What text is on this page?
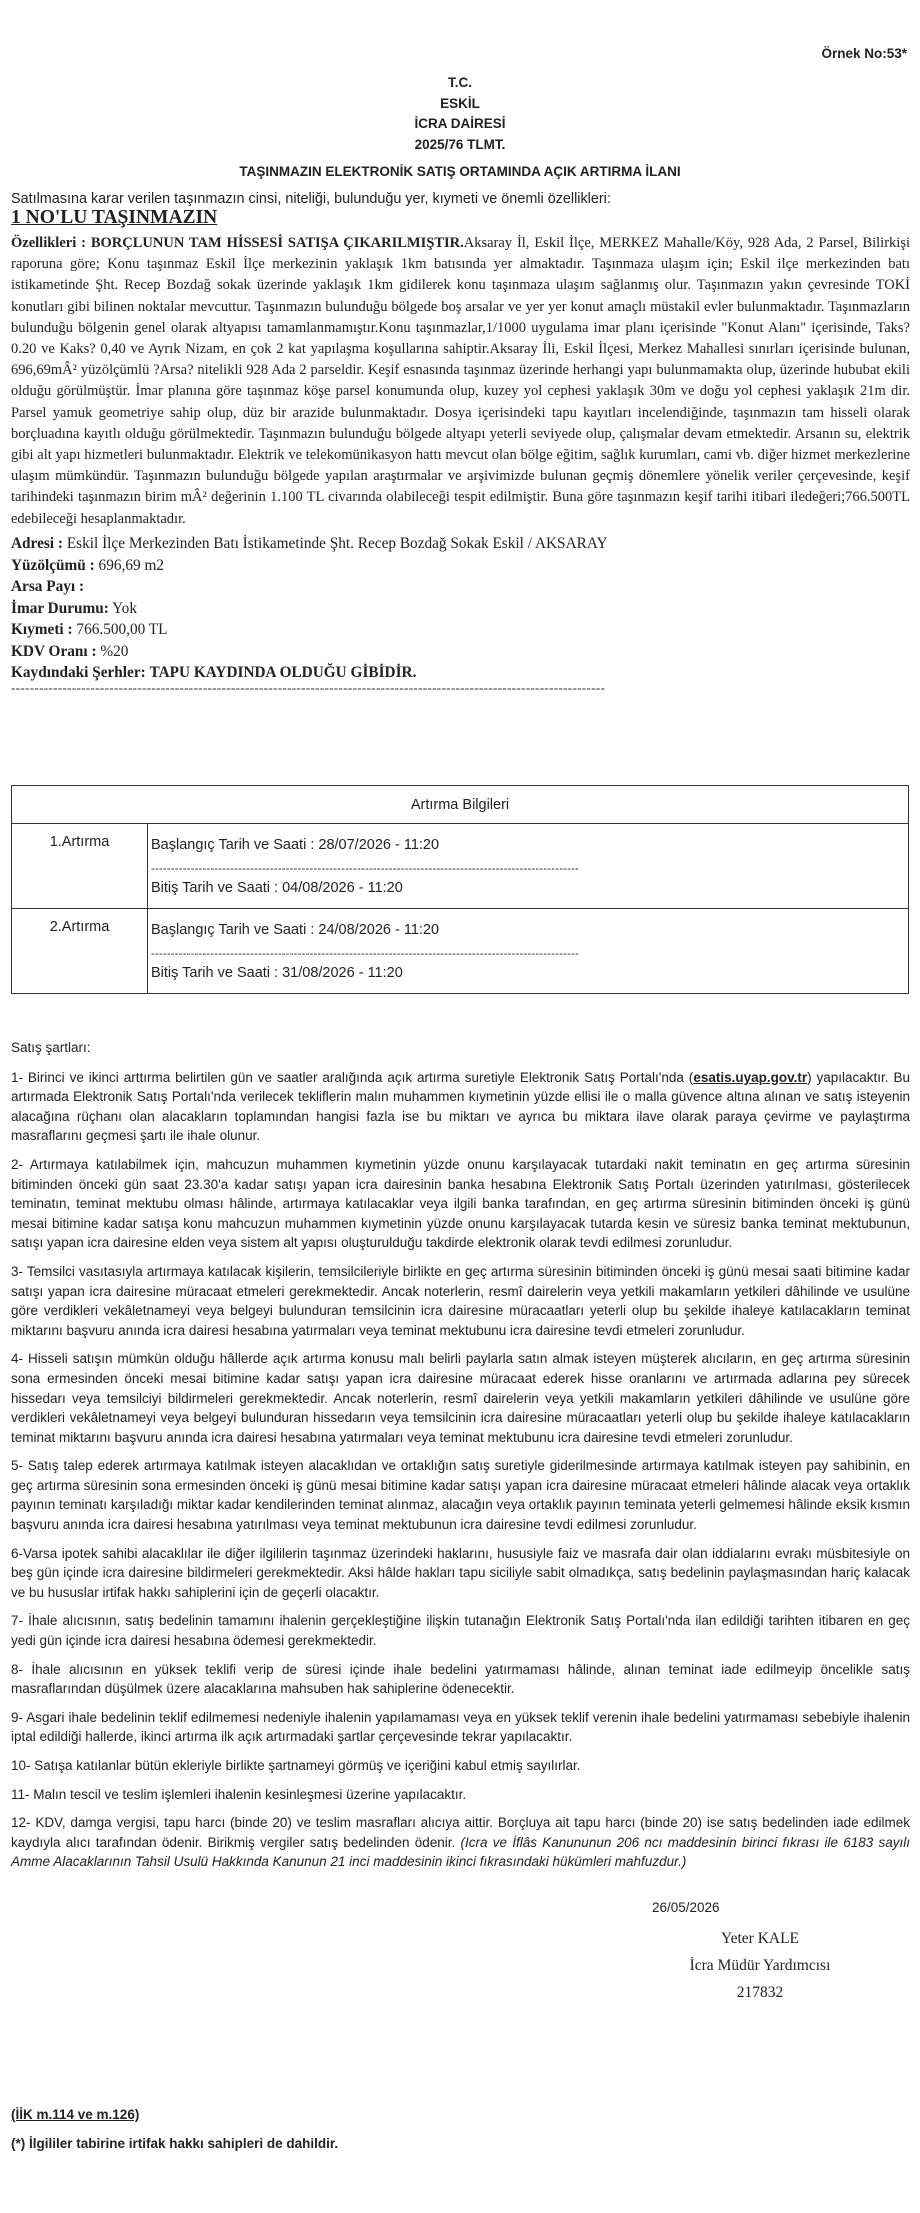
Örnek No:53*
T.C.
ESKİL
İCRA DAİRESİ
2025/76 TLMT.
TAŞINMAZIN ELEKTRONİK SATIŞ ORTAMINDA AÇIK ARTIRMA İLANI
Satılmasına karar verilen taşınmazın cinsi, niteliği, bulunduğu yer, kıymeti ve önemli özellikleri:
1 NO'LU TAŞINMAZIN
Özellikleri : BORÇLUNUN TAM HİSSESİ SATIŞA ÇIKARILMIŞTIR.Aksaray İl, Eskil İlçe, MERKEZ Mahalle/Köy, 928 Ada, 2 Parsel, Bilirkişi raporuna göre; Konu taşınmaz Eskil İlçe merkezinin yaklaşık 1km batısında yer almaktadır. Taşınmaza ulaşım için; Eskil ilçe merkezinden batı istikametinde Şht. Recep Bozdağ sokak üzerinde yaklaşık 1km gidilerek konu taşınmaza ulaşım sağlanmış olur. Taşınmazın yakın çevresinde TOKİ konutları gibi bilinen noktalar mevcuttur. Taşınmazın bulunduğu bölgede boş arsalar ve yer yer konut amaçlı müstakil evler bulunmaktadır. Taşınmazların bulunduğu bölgenin genel olarak altyapısı tamamlanmamıştır.Konu taşınmazlar,1/1000 uygulama imar planı içerisinde "Konut Alanı" içerisinde, Taks? 0.20 ve Kaks? 0,40 ve Ayrık Nizam, en çok 2 kat yapılaşma koşullarına sahiptir.Aksaray İli, Eskil İlçesi, Merkez Mahallesi sınırları içerisinde bulunan, 696,69mÂ² yüzölçümlü ?Arsa? nitelikli 928 Ada 2 parseldir. Keşif esnasında taşınmaz üzerinde herhangi yapı bulunmamakta olup, üzerinde hububat ekili olduğu görülmüştür. İmar planına göre taşınmaz köşe parsel konumunda olup, kuzey yol cephesi yaklaşık 30m ve doğu yol cephesi yaklaşık 21m dir. Parsel yamuk geometriye sahip olup, düz bir arazide bulunmaktadır. Dosya içerisindeki tapu kayıtları incelendiğinde, taşınmazın tam hisseli olarak borçluadına kayıtlı olduğu görülmektedir. Taşınmazın bulunduğu bölgede altyapı yeterli seviyede olup, çalışmalar devam etmektedir. Arsanın su, elektrik gibi alt yapı hizmetleri bulunmaktadır. Elektrik ve telekomünikasyon hattı mevcut olan bölge eğitim, sağlık kurumları, cami vb. diğer hizmet merkezlerine ulaşım mümkündür. Taşınmazın bulunduğu bölgede yapılan araştırmalar ve arşivimizde bulunan geçmiş dönemlere yönelik veriler çerçevesinde, keşif tarihindeki taşınmazın birim mÂ² değerinin 1.100 TL civarında olabileceği tespit edilmiştir. Buna göre taşınmazın keşif tarihi itibari iledeğeri;766.500TL edebileceği hesaplanmaktadır.
Adresi : Eskil İlçe Merkezinden Batı İstikametinde Şht. Recep Bozdağ Sokak Eskil / AKSARAY
Yüzölçümü : 696,69 m2
Arsa Payı :
İmar Durumu: Yok
Kıymeti : 766.500,00 TL
KDV Oranı : %20
Kaydındaki Şerhler: TAPU KAYDINDA OLDUĞU GİBİDİR.
-------------------------------------------------------------------------------------------------------------------------------
Artırma Bilgileri	
1.Artırma	Başlangıç Tarih ve Saati : 28/07/2026 - 11:20
------------------------------------------------------------------------------------------------------------
Bitiş Tarih ve Saati : 04/08/2026 - 11:20

2.Artırma	Başlangıç Tarih ve Saati : 24/08/2026 - 11:20
------------------------------------------------------------------------------------------------------------
Bitiş Tarih ve Saati : 31/08/2026 - 11:20

Satış şartları:

1- Birinci ve ikinci arttırma belirtilen gün ve saatler aralığında açık artırma suretiyle Elektronik Satış Portalı'nda (esatis.uyap.gov.tr) yapılacaktır. Bu artırmada Elektronik Satış Portalı'nda verilecek tekliflerin malın muhammen kıymetinin yüzde ellisi ile o malla güvence altına alınan ve satış isteyenin alacağına rüçhanı olan alacakların toplamından hangisi fazla ise bu miktarı ve ayrıca bu miktara ilave olarak paraya çevirme ve paylaştırma masraflarını geçmesi şartı ile ihale olunur.

2- Artırmaya katılabilmek için, mahcuzun muhammen kıymetinin yüzde onunu karşılayacak tutardaki nakit teminatın en geç artırma süresinin bitiminden önceki gün saat 23.30'a kadar satışı yapan icra dairesinin banka hesabına Elektronik Satış Portalı üzerinden yatırılması, gösterilecek teminatın, teminat mektubu olması hâlinde, artırmaya katılacaklar veya ilgili banka tarafından, en geç artırma süresinin bitiminden önceki iş günü mesai bitimine kadar satışa konu mahcuzun muhammen kıymetinin yüzde onunu karşılayacak tutarda kesin ve süresiz banka teminat mektubunun, satışı yapan icra dairesine elden veya sistem alt yapısı oluşturulduğu takdirde elektronik olarak tevdi edilmesi zorunludur.

3- Temsilci vasıtasıyla artırmaya katılacak kişilerin, temsilcileriyle birlikte en geç artırma süresinin bitiminden önceki iş günü mesai saati bitimine kadar satışı yapan icra dairesine müracaat etmeleri gerekmektedir. Ancak noterlerin, resmî dairelerin veya yetkili makamların yetkileri dâhilinde ve usulüne göre verdikleri vekâletnameyi veya belgeyi bulunduran temsilcinin icra dairesine müracaatları yeterli olup bu şekilde ihaleye katılacakların teminat miktarını başvuru anında icra dairesi hesabına yatırmaları veya teminat mektubunu icra dairesine tevdi etmeleri zorunludur.

4- Hisseli satışın mümkün olduğu hâllerde açık artırma konusu malı belirli paylarla satın almak isteyen müşterek alıcıların, en geç artırma süresinin sona ermesinden önceki mesai bitimine kadar satışı yapan icra dairesine müracaat ederek hisse oranlarını ve artırmada adlarına pey sürecek hissedarı veya temsilciyi bildirmeleri gerekmektedir. Ancak noterlerin, resmî dairelerin veya yetkili makamların yetkileri dâhilinde ve usulüne göre verdikleri vekâletnameyi veya belgeyi bulunduran hissedarın veya temsilcinin icra dairesine müracaatları yeterli olup bu şekilde ihaleye katılacakların teminat miktarını başvuru anında icra dairesi hesabına yatırmaları veya teminat mektubunu icra dairesine tevdi etmeleri zorunludur.

5- Satış talep ederek artırmaya katılmak isteyen alacaklıdan ve ortaklığın satış suretiyle giderilmesinde artırmaya katılmak isteyen pay sahibinin, en geç artırma süresinin sona ermesinden önceki iş günü mesai bitimine kadar satışı yapan icra dairesine müracaat etmeleri hâlinde alacak veya ortaklık payının teminatı karşıladığı miktar kadar kendilerinden teminat alınmaz, alacağın veya ortaklık payının teminata yeterli gelmemesi hâlinde eksik kısmın başvuru anında icra dairesi hesabına yatırılması veya teminat mektubunun icra dairesine tevdi edilmesi zorunludur.

6-Varsa ipotek sahibi alacaklılar ile diğer ilgililerin taşınmaz üzerindeki haklarını, hususiyle faiz ve masrafa dair olan iddialarını evrakı müsbitesiyle on beş gün içinde icra dairesine bildirmeleri gerekmektedir. Aksi hâlde hakları tapu siciliyle sabit olmadıkça, satış bedelinin paylaşmasından hariç kalacak ve bu hususlar irtifak hakkı sahiplerini için de geçerli olacaktır.

7- İhale alıcısının, satış bedelinin tamamını ihalenin gerçekleştiğine ilişkin tutanağın Elektronik Satış Portalı'nda ilan edildiği tarihten itibaren en geç yedi gün içinde icra dairesi hesabına ödemesi gerekmektedir.

8- İhale alıcısının en yüksek teklifi verip de süresi içinde ihale bedelini yatırmaması hâlinde, alınan teminat iade edilmeyip öncelikle satış masraflarından düşülmek üzere alacaklarına mahsuben hak sahiplerine ödenecektir.

9- Asgari ihale bedelinin teklif edilmemesi nedeniyle ihalenin yapılamaması veya en yüksek teklif verenin ihale bedelini yatırmaması sebebiyle ihalenin iptal edildiği hallerde, ikinci artırma ilk açık artırmadaki şartlar çerçevesinde tekrar yapılacaktır.

10- Satışa katılanlar bütün ekleriyle birlikte şartnameyi görmüş ve içeriğini kabul etmiş sayılırlar.

11- Malın tescil ve teslim işlemleri ihalenin kesinleşmesi üzerine yapılacaktır.

12- KDV, damga vergisi, tapu harcı (binde 20) ve teslim masrafları alıcıya aittir. Borçluya ait tapu harcı (binde 20) ise satış bedelinden iade edilmek kaydıyla alıcı tarafından ödenir. Birikmiş vergiler satış bedelinden ödenir. (Icra ve İflâs Kanununun 206 ncı maddesinin birinci fıkrası ile 6183 sayılı Amme Alacaklarının Tahsil Usulü Hakkında Kanunun 21 inci maddesinin ikinci fıkrasındaki hükümleri mahfuzdur.)

26/05/2026
Yeter KALE
İcra Müdür Yardımcısı
217832
(İİK m.114 ve m.126)
(*) İlgililer tabirine irtifak hakkı sahipleri de dahildir.
